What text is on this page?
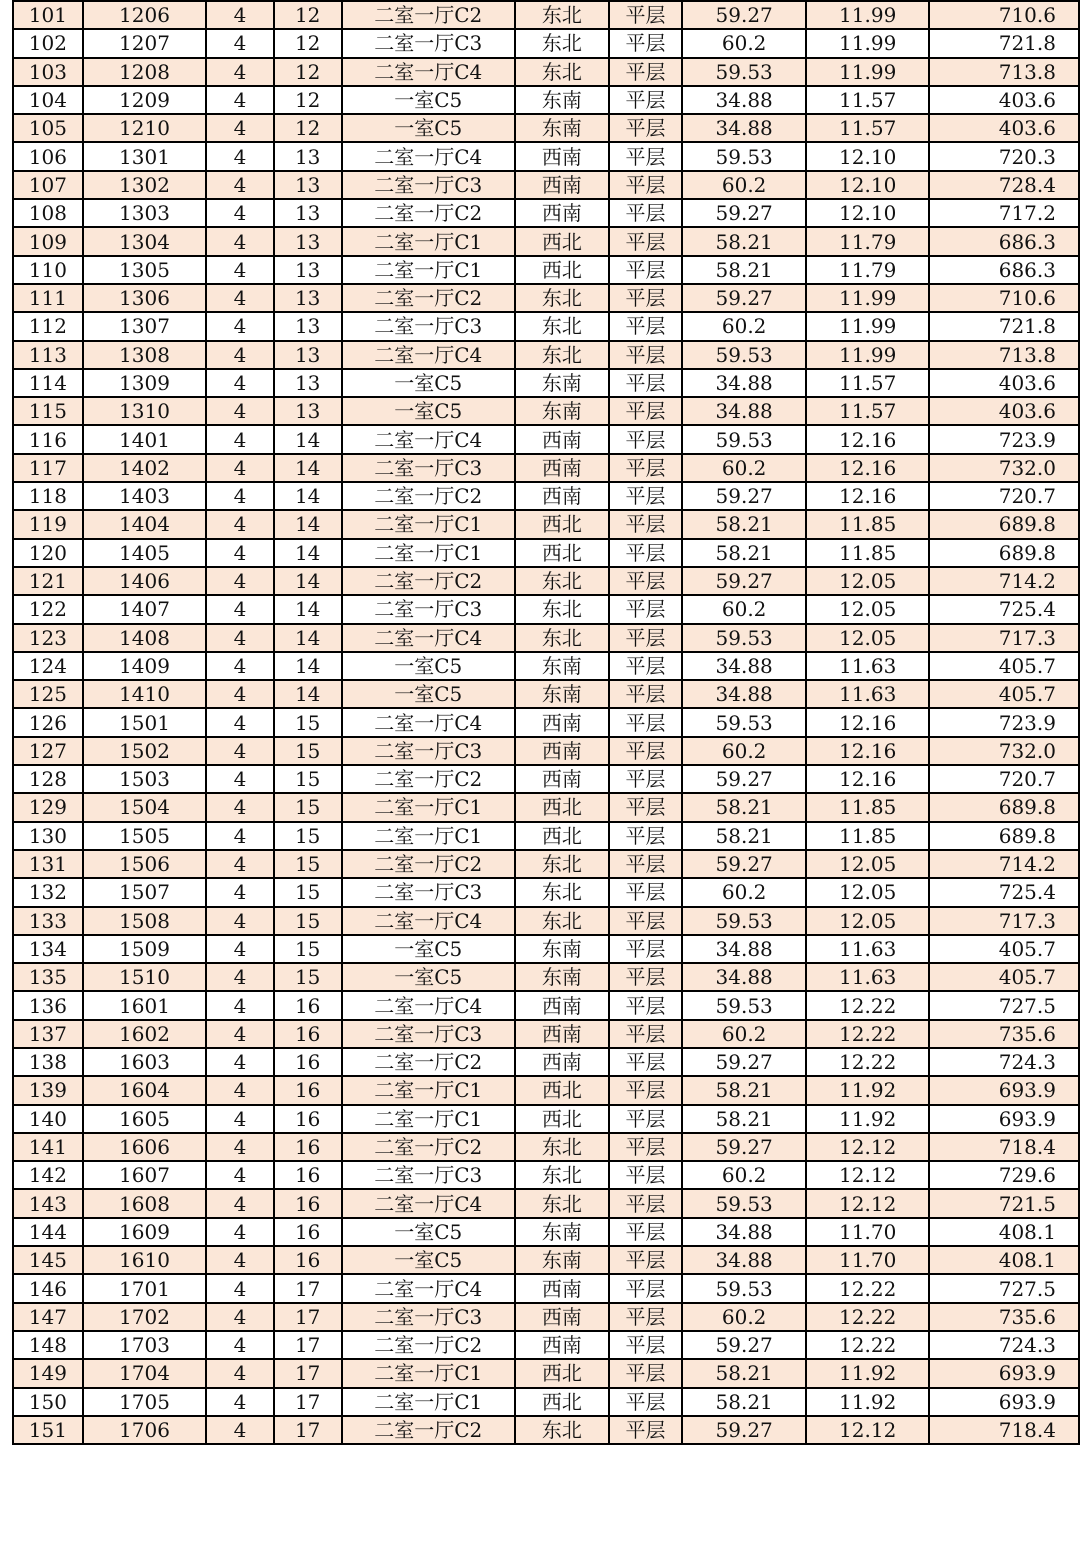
101	1206	4	12	二室一厅C2	东北	平层	59.27	11.99	710.6
102	1207	4	12	二室一厅C3	东北	平层	60.2	11.99	721.8
103	1208	4	12	二室一厅C4	东北	平层	59.53	11.99	713.8
104	1209	4	12	一室C5	东南	平层	34.88	11.57	403.6
105	1210	4	12	一室C5	东南	平层	34.88	11.57	403.6
106	1301	4	13	二室一厅C4	西南	平层	59.53	12.10	720.3
107	1302	4	13	二室一厅C3	西南	平层	60.2	12.10	728.4
108	1303	4	13	二室一厅C2	西南	平层	59.27	12.10	717.2
109	1304	4	13	二室一厅C1	西北	平层	58.21	11.79	686.3
110	1305	4	13	二室一厅C1	西北	平层	58.21	11.79	686.3
111	1306	4	13	二室一厅C2	东北	平层	59.27	11.99	710.6
112	1307	4	13	二室一厅C3	东北	平层	60.2	11.99	721.8
113	1308	4	13	二室一厅C4	东北	平层	59.53	11.99	713.8
114	1309	4	13	一室C5	东南	平层	34.88	11.57	403.6
115	1310	4	13	一室C5	东南	平层	34.88	11.57	403.6
116	1401	4	14	二室一厅C4	西南	平层	59.53	12.16	723.9
117	1402	4	14	二室一厅C3	西南	平层	60.2	12.16	732.0
118	1403	4	14	二室一厅C2	西南	平层	59.27	12.16	720.7
119	1404	4	14	二室一厅C1	西北	平层	58.21	11.85	689.8
120	1405	4	14	二室一厅C1	西北	平层	58.21	11.85	689.8
121	1406	4	14	二室一厅C2	东北	平层	59.27	12.05	714.2
122	1407	4	14	二室一厅C3	东北	平层	60.2	12.05	725.4
123	1408	4	14	二室一厅C4	东北	平层	59.53	12.05	717.3
124	1409	4	14	一室C5	东南	平层	34.88	11.63	405.7
125	1410	4	14	一室C5	东南	平层	34.88	11.63	405.7
126	1501	4	15	二室一厅C4	西南	平层	59.53	12.16	723.9
127	1502	4	15	二室一厅C3	西南	平层	60.2	12.16	732.0
128	1503	4	15	二室一厅C2	西南	平层	59.27	12.16	720.7
129	1504	4	15	二室一厅C1	西北	平层	58.21	11.85	689.8
130	1505	4	15	二室一厅C1	西北	平层	58.21	11.85	689.8
131	1506	4	15	二室一厅C2	东北	平层	59.27	12.05	714.2
132	1507	4	15	二室一厅C3	东北	平层	60.2	12.05	725.4
133	1508	4	15	二室一厅C4	东北	平层	59.53	12.05	717.3
134	1509	4	15	一室C5	东南	平层	34.88	11.63	405.7
135	1510	4	15	一室C5	东南	平层	34.88	11.63	405.7
136	1601	4	16	二室一厅C4	西南	平层	59.53	12.22	727.5
137	1602	4	16	二室一厅C3	西南	平层	60.2	12.22	735.6
138	1603	4	16	二室一厅C2	西南	平层	59.27	12.22	724.3
139	1604	4	16	二室一厅C1	西北	平层	58.21	11.92	693.9
140	1605	4	16	二室一厅C1	西北	平层	58.21	11.92	693.9
141	1606	4	16	二室一厅C2	东北	平层	59.27	12.12	718.4
142	1607	4	16	二室一厅C3	东北	平层	60.2	12.12	729.6
143	1608	4	16	二室一厅C4	东北	平层	59.53	12.12	721.5
144	1609	4	16	一室C5	东南	平层	34.88	11.70	408.1
145	1610	4	16	一室C5	东南	平层	34.88	11.70	408.1
146	1701	4	17	二室一厅C4	西南	平层	59.53	12.22	727.5
147	1702	4	17	二室一厅C3	西南	平层	60.2	12.22	735.6
148	1703	4	17	二室一厅C2	西南	平层	59.27	12.22	724.3
149	1704	4	17	二室一厅C1	西北	平层	58.21	11.92	693.9
150	1705	4	17	二室一厅C1	西北	平层	58.21	11.92	693.9
151	1706	4	17	二室一厅C2	东北	平层	59.27	12.12	718.4
